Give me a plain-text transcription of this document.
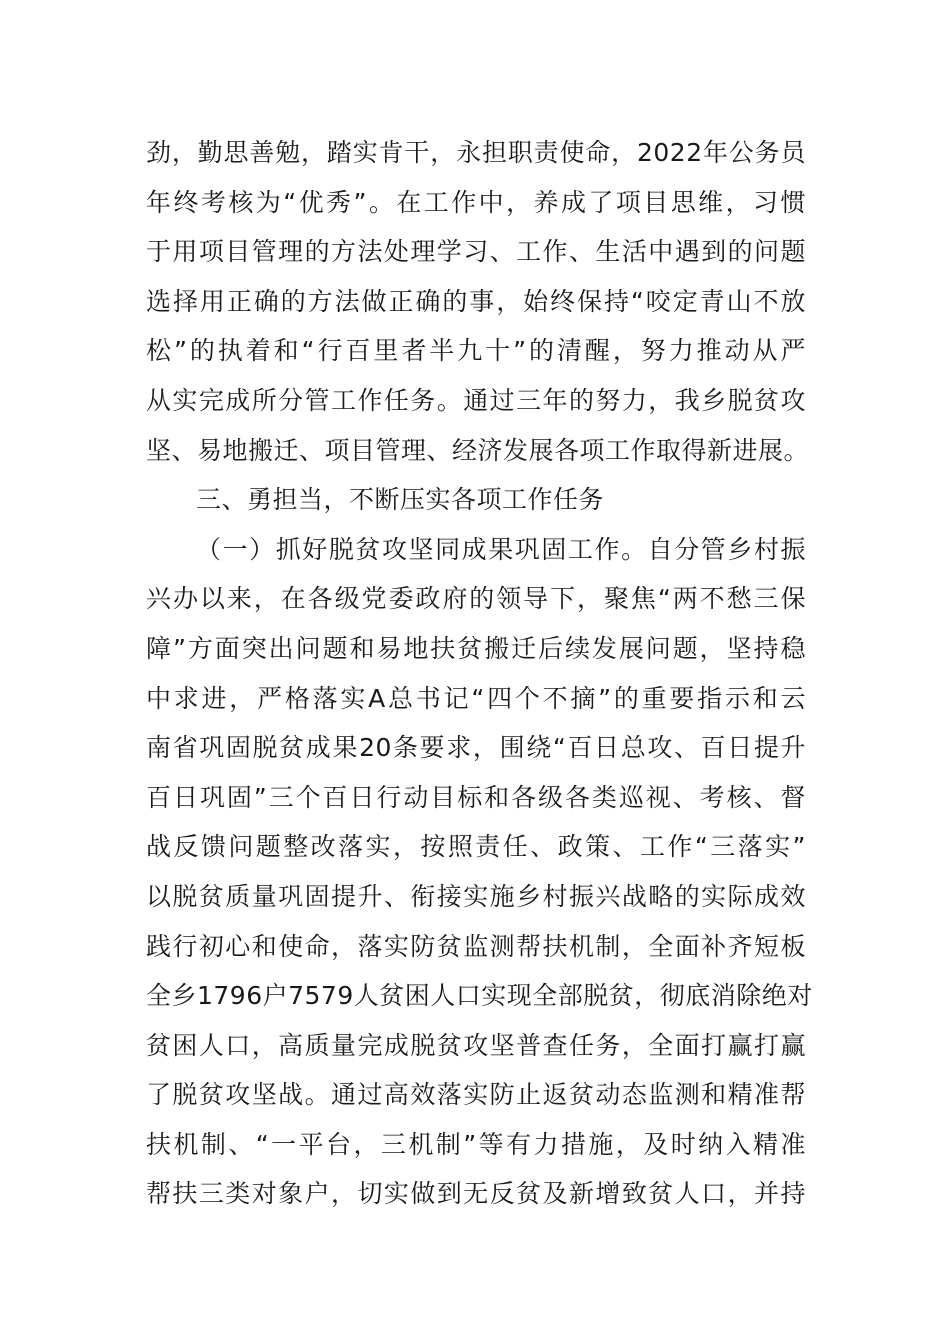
劲，勤思善勉，踏实肯干，永担职责使命，2022年公务员
年终考核为“优秀”。在工作中，养成了项目思维，习惯
于用项目管理的方法处理学习、工作、生活中遇到的问题
选择用正确的方法做正确的事，始终保持“咬定青山不放
松”的执着和“行百里者半九十”的清醒，努力推动从严
从实完成所分管工作任务。通过三年的努力，我乡脱贫攻
坚、易地搬迁、项目管理、经济发展各项工作取得新进展。
三、勇担当，不断压实各项工作任务
（一）抓好脱贫攻坚同成果巩固工作。自分管乡村振
兴办以来，在各级党委政府的领导下，聚焦“两不愁三保
障”方面突出问题和易地扶贫搬迁后续发展问题，坚持稳
中求进，严格落实A总书记“四个不摘”的重要指示和云
南省巩固脱贫成果20条要求，围绕“百日总攻、百日提升
百日巩固”三个百日行动目标和各级各类巡视、考核、督
战反馈问题整改落实，按照责任、政策、工作“三落实”
以脱贫质量巩固提升、衔接实施乡村振兴战略的实际成效
践行初心和使命，落实防贫监测帮扶机制，全面补齐短板
全乡1796户7579人贫困人口实现全部脱贫，彻底消除绝对
贫困人口，高质量完成脱贫攻坚普查任务，全面打赢打赢
了脱贫攻坚战。通过高效落实防止返贫动态监测和精准帮
扶机制、“一平台，三机制”等有力措施，及时纳入精准
帮扶三类对象户，切实做到无反贫及新增致贫人口，并持
